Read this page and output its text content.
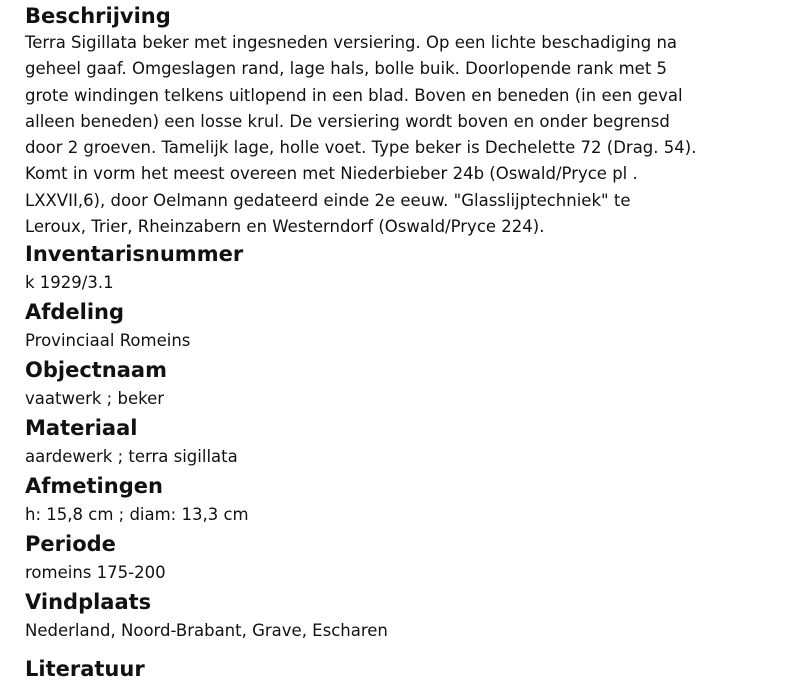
Beschrijving
Terra Sigillata beker met ingesneden versiering. Op een lichte beschadiging na
geheel gaaf. Omgeslagen rand, lage hals, bolle buik. Doorlopende rank met 5
grote windingen telkens uitlopend in een blad. Boven en beneden (in een geval
alleen beneden) een losse krul. De versiering wordt boven en onder begrensd
door 2 groeven. Tamelijk lage, holle voet. Type beker is Dechelette 72 (Drag. 54).
Komt in vorm het meest overeen met Niederbieber 24b (Oswald/Pryce pl .
LXXVII,6), door Oelmann gedateerd einde 2e eeuw. "Glasslijptechniek" te
Leroux, Trier, Rheinzabern en Westerndorf (Oswald/Pryce 224).
Inventarisnummer
k 1929/3.1
Afdeling
Provinciaal Romeins
Objectnaam
vaatwerk ; beker
Materiaal
aardewerk ; terra sigillata
Afmetingen
h: 15,8 cm ; diam: 13,3 cm
Periode
romeins 175-200
Vindplaats
Nederland, Noord-Brabant, Grave, Escharen
Literatuur
